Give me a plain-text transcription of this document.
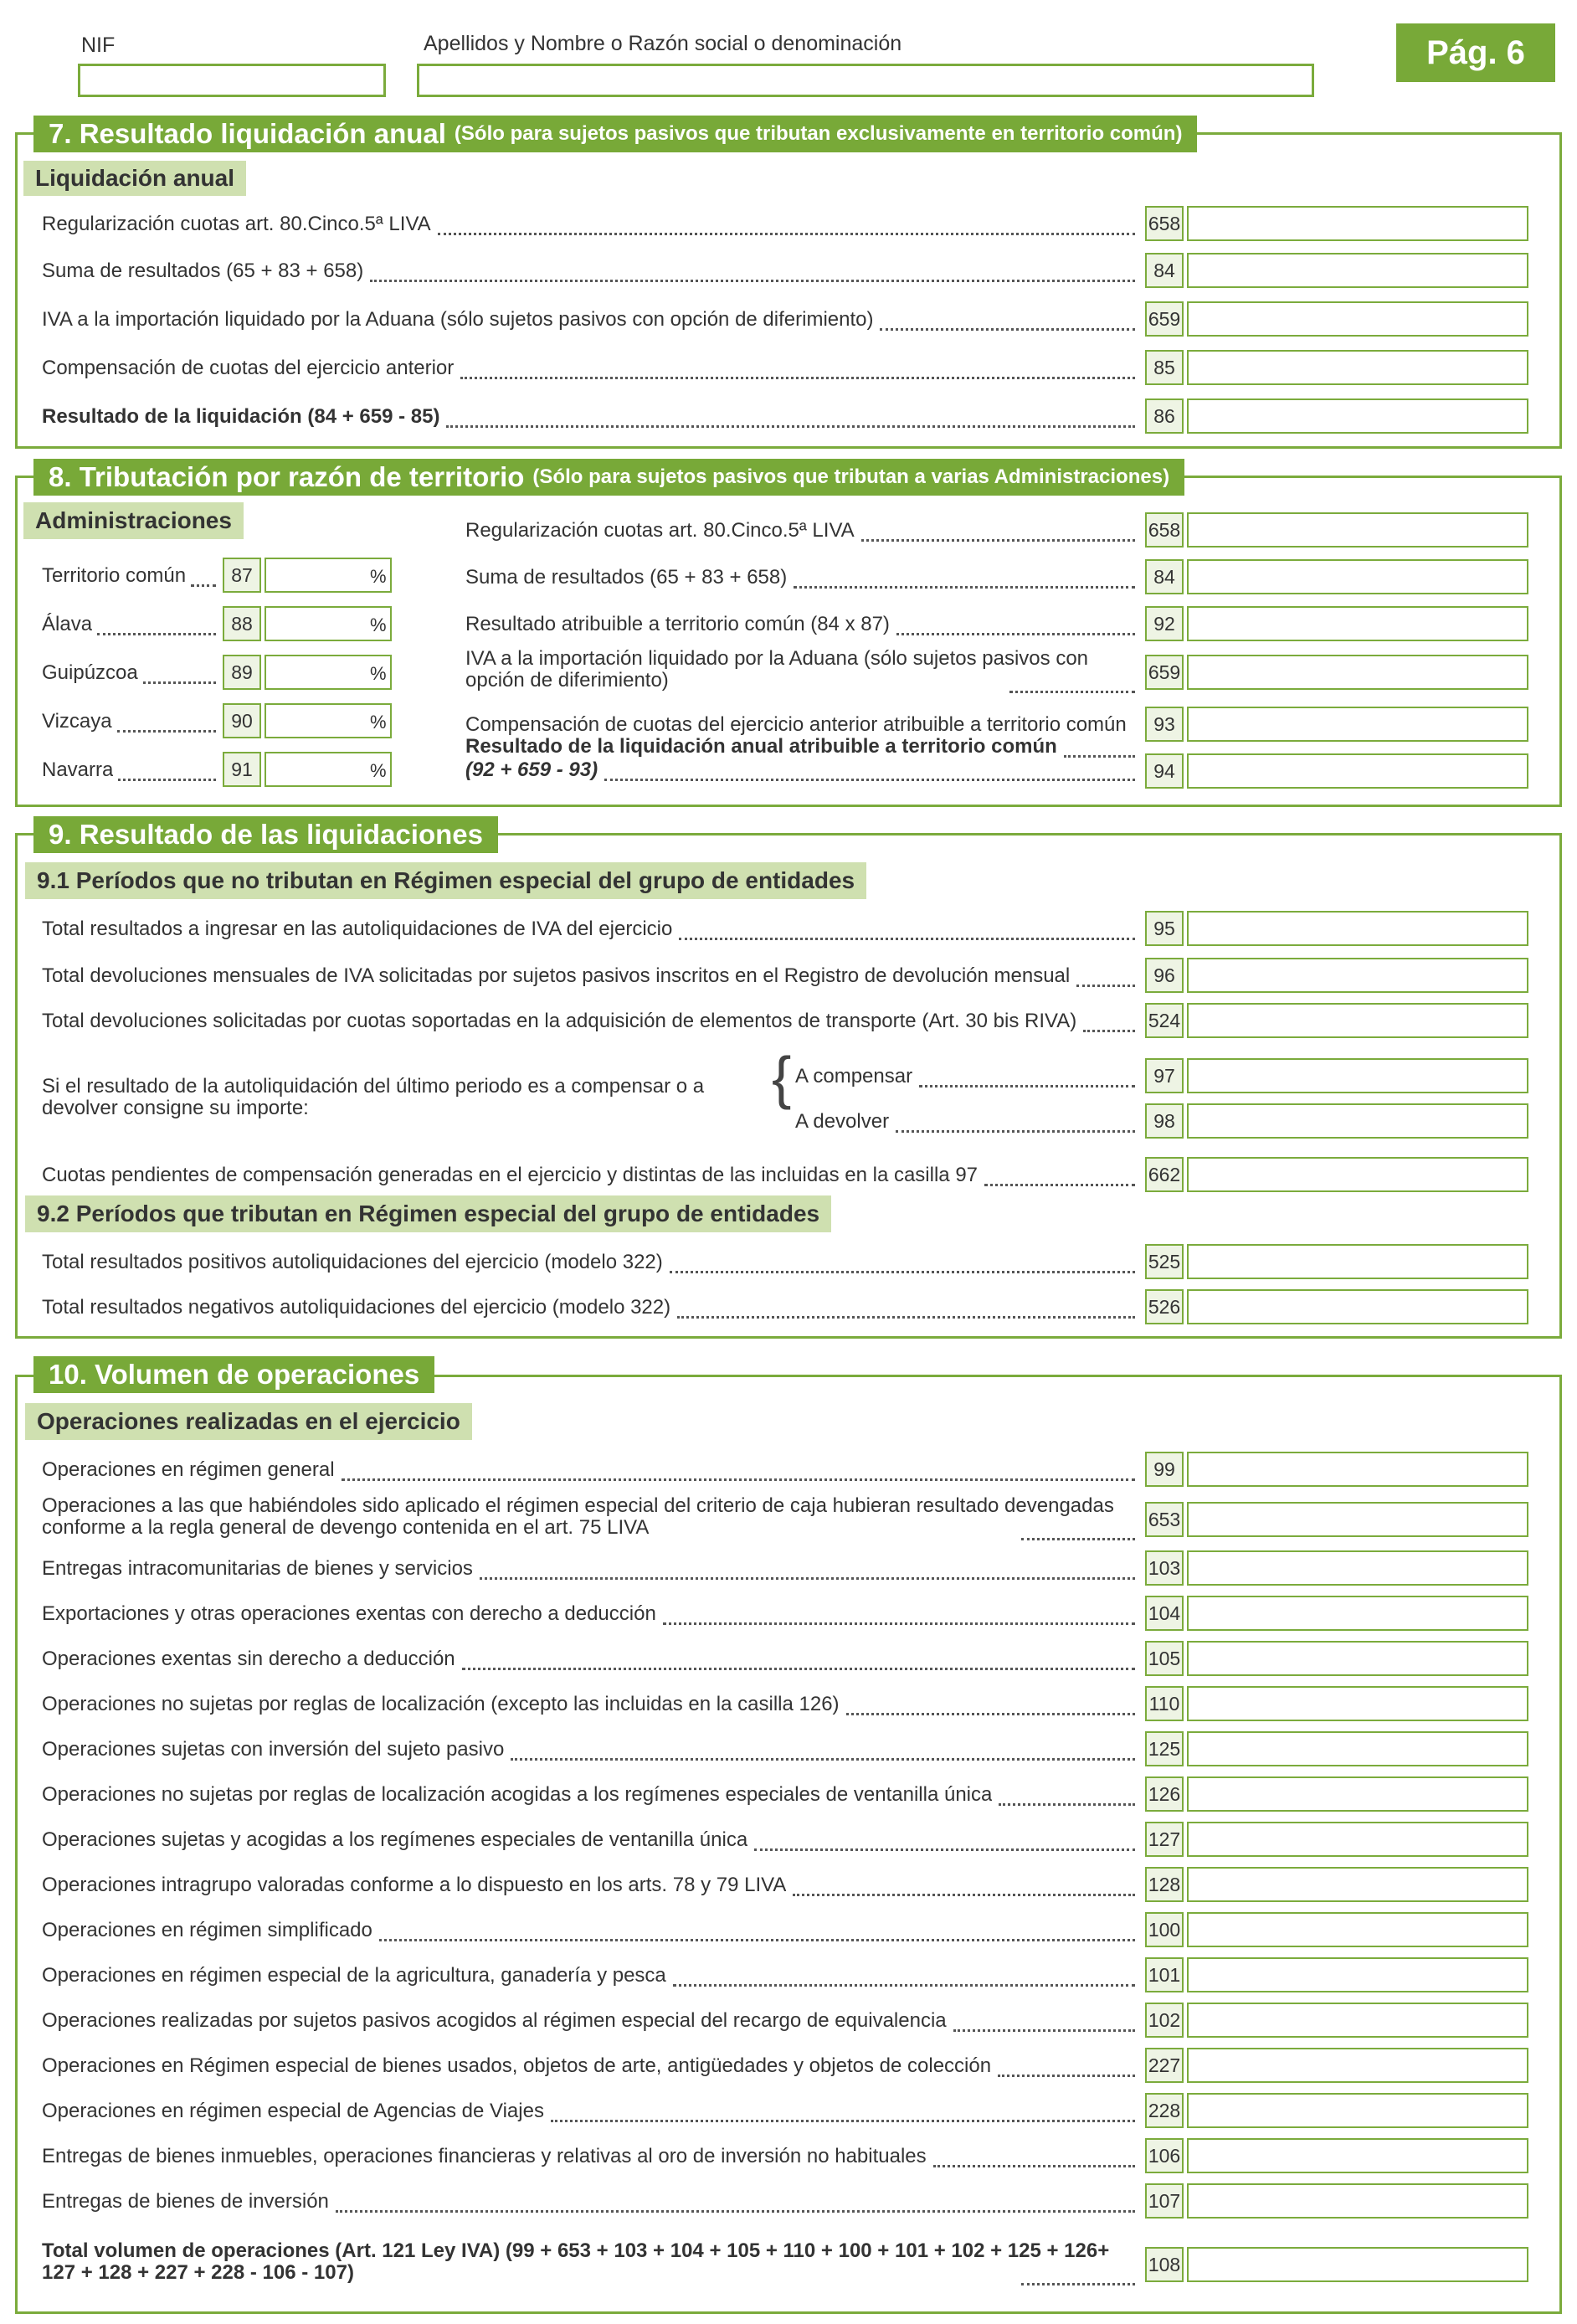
NIF	Apellidos y Nombre o Razón social o denominación	Pág. 6
7. Resultado liquidación anual (Sólo para sujetos pasivos que tributan exclusivamente en territorio común)
Liquidación anual
Regularización cuotas art. 80.Cinco.5ª LIVA	658
Suma de resultados (65 + 83 + 658)	84
IVA a la importación liquidado por la Aduana (sólo sujetos pasivos con opción de diferimiento)	659
Compensación de cuotas del ejercicio anterior	85
Resultado de la liquidación (84 + 659 - 85)	86
8. Tributación por razón de territorio (Sólo para sujetos pasivos que tributan a varias Administraciones)
Administraciones
Territorio común	87	%
Álava	88	%
Guipúzcoa	89	%
Vizcaya	90	%
Navarra	91	%
Regularización cuotas art. 80.Cinco.5ª LIVA	658
Suma de resultados (65 + 83 + 658)	84
Resultado atribuible a territorio común (84 x 87)	92
IVA a la importación liquidado por la Aduana (sólo sujetos pasivos con opción de diferimiento)	659
Compensación de cuotas del ejercicio anterior atribuible a territorio común	93
Resultado de la liquidación anual atribuible a territorio común
(92 + 659 - 93)	94
9. Resultado de las liquidaciones
9.1 Períodos que no tributan en Régimen especial del grupo de entidades
Total resultados a ingresar en las autoliquidaciones de IVA del ejercicio	95
Total devoluciones mensuales de IVA solicitadas por sujetos pasivos inscritos en el Registro de devolución mensual	96
Total devoluciones solicitadas por cuotas soportadas en la adquisición de elementos de transporte (Art. 30 bis RIVA)	524
Si el resultado de la autoliquidación del último periodo es a compensar o a devolver consigne su importe:	{ A compensar	97
A devolver	98
Cuotas pendientes de compensación generadas en el ejercicio y distintas de las incluidas en la casilla 97	662
9.2 Períodos que tributan en Régimen especial del grupo de entidades
Total resultados positivos autoliquidaciones del ejercicio (modelo 322)	525
Total resultados negativos autoliquidaciones del ejercicio (modelo 322)	526
10. Volumen de operaciones
Operaciones realizadas en el ejercicio
Operaciones en régimen general	99
Operaciones a las que habiéndoles sido aplicado el régimen especial del criterio de caja hubieran resultado devengadas conforme a la regla general de devengo contenida en el art. 75 LIVA	653
Entregas intracomunitarias de bienes y servicios	103
Exportaciones y otras operaciones exentas con derecho a deducción	104
Operaciones exentas sin derecho a deducción	105
Operaciones no sujetas por reglas de localización (excepto las incluidas en la casilla 126)	110
Operaciones sujetas con inversión del sujeto pasivo	125
Operaciones no sujetas por reglas de localización acogidas a los regímenes especiales de ventanilla única	126
Operaciones sujetas y acogidas a los regímenes especiales de ventanilla única	127
Operaciones intragrupo valoradas conforme a lo dispuesto en los arts. 78 y 79 LIVA	128
Operaciones en régimen simplificado	100
Operaciones en régimen especial de la agricultura, ganadería y pesca	101
Operaciones realizadas por sujetos pasivos acogidos al régimen especial del recargo de equivalencia	102
Operaciones en Régimen especial de bienes usados, objetos de arte, antigüedades y objetos de colección	227
Operaciones en régimen especial de Agencias de Viajes	228
Entregas de bienes inmuebles, operaciones financieras y relativas al oro de inversión no habituales	106
Entregas de bienes de inversión	107
Total volumen de operaciones (Art. 121 Ley IVA) (99 + 653 + 103 + 104 + 105 + 110 + 100 + 101 + 102 + 125 + 126+ 127 + 128 + 227 + 228 - 106 - 107)	108
